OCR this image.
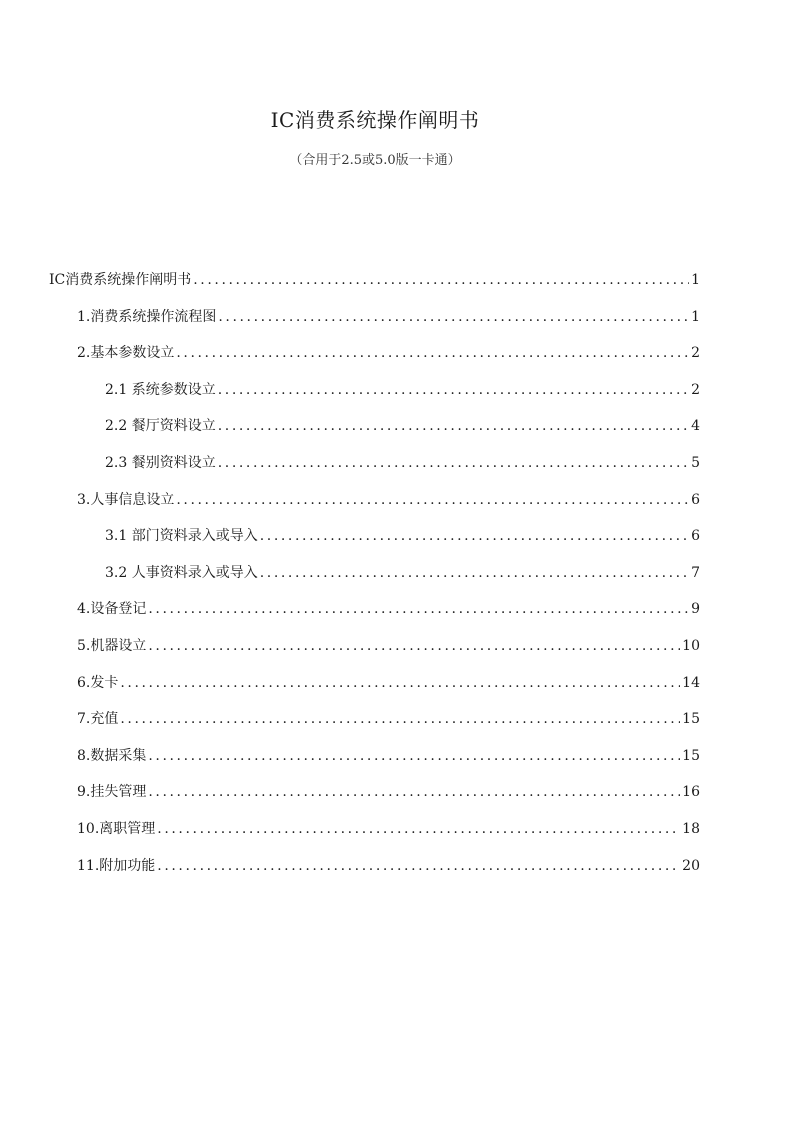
IC消费系统操作阐明书

（合用于2.5或5.0版一卡通）

IC消费系统操作阐明书 .....	1
1.消费系统操作流程图 .....	1
2.基本参数设立 .....	2
2.1 系统参数设立 .....	2
2.2 餐厅资料设立 .....	4
2.3 餐别资料设立 .....	5
3.人事信息设立 .....	6
3.1 部门资料录入或导入 .....	6
3.2 人事资料录入或导入 .....	7
4.设备登记 .....	9
5.机器设立 .....	10
6.发卡 .....	14
7.充值 .....	15
8.数据采集 .....	15
9.挂失管理 .....	16
10.离职管理 .....	18
11.附加功能 .....	20
